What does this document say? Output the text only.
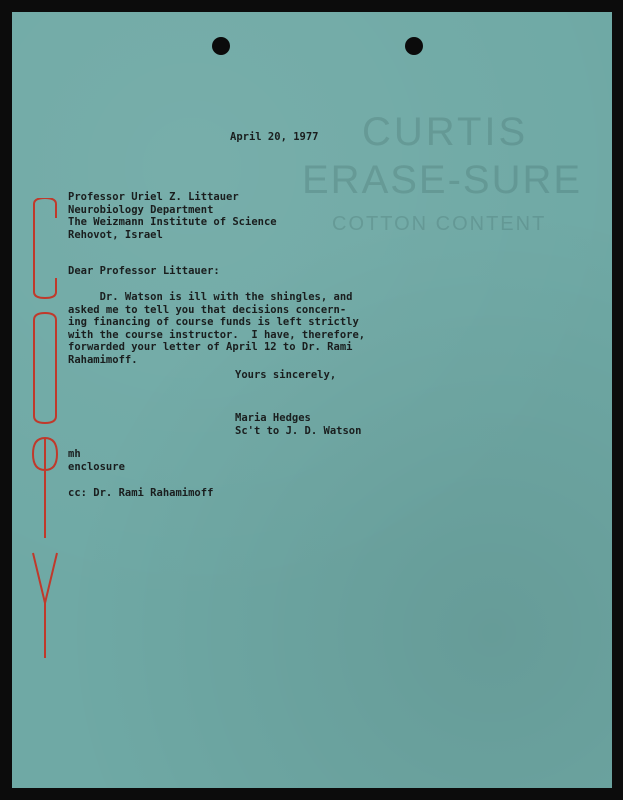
CURTIS
ERASE-SURE
COTTON CONTENT
April 20, 1977
Professor Uriel Z. Littauer
Neurobiology Department
The Weizmann Institute of Science
Rehovot, Israel
Dear Professor Littauer:
Dr. Watson is ill with the shingles, and
asked me to tell you that decisions concern-
ing financing of course funds is left strictly
with the course instructor.  I have, therefore,
forwarded your letter of April 12 to Dr. Rami
Rahamimoff.
Yours sincerely,
Maria Hedges
Sc't to J. D. Watson
mh
enclosure
cc: Dr. Rami Rahamimoff
